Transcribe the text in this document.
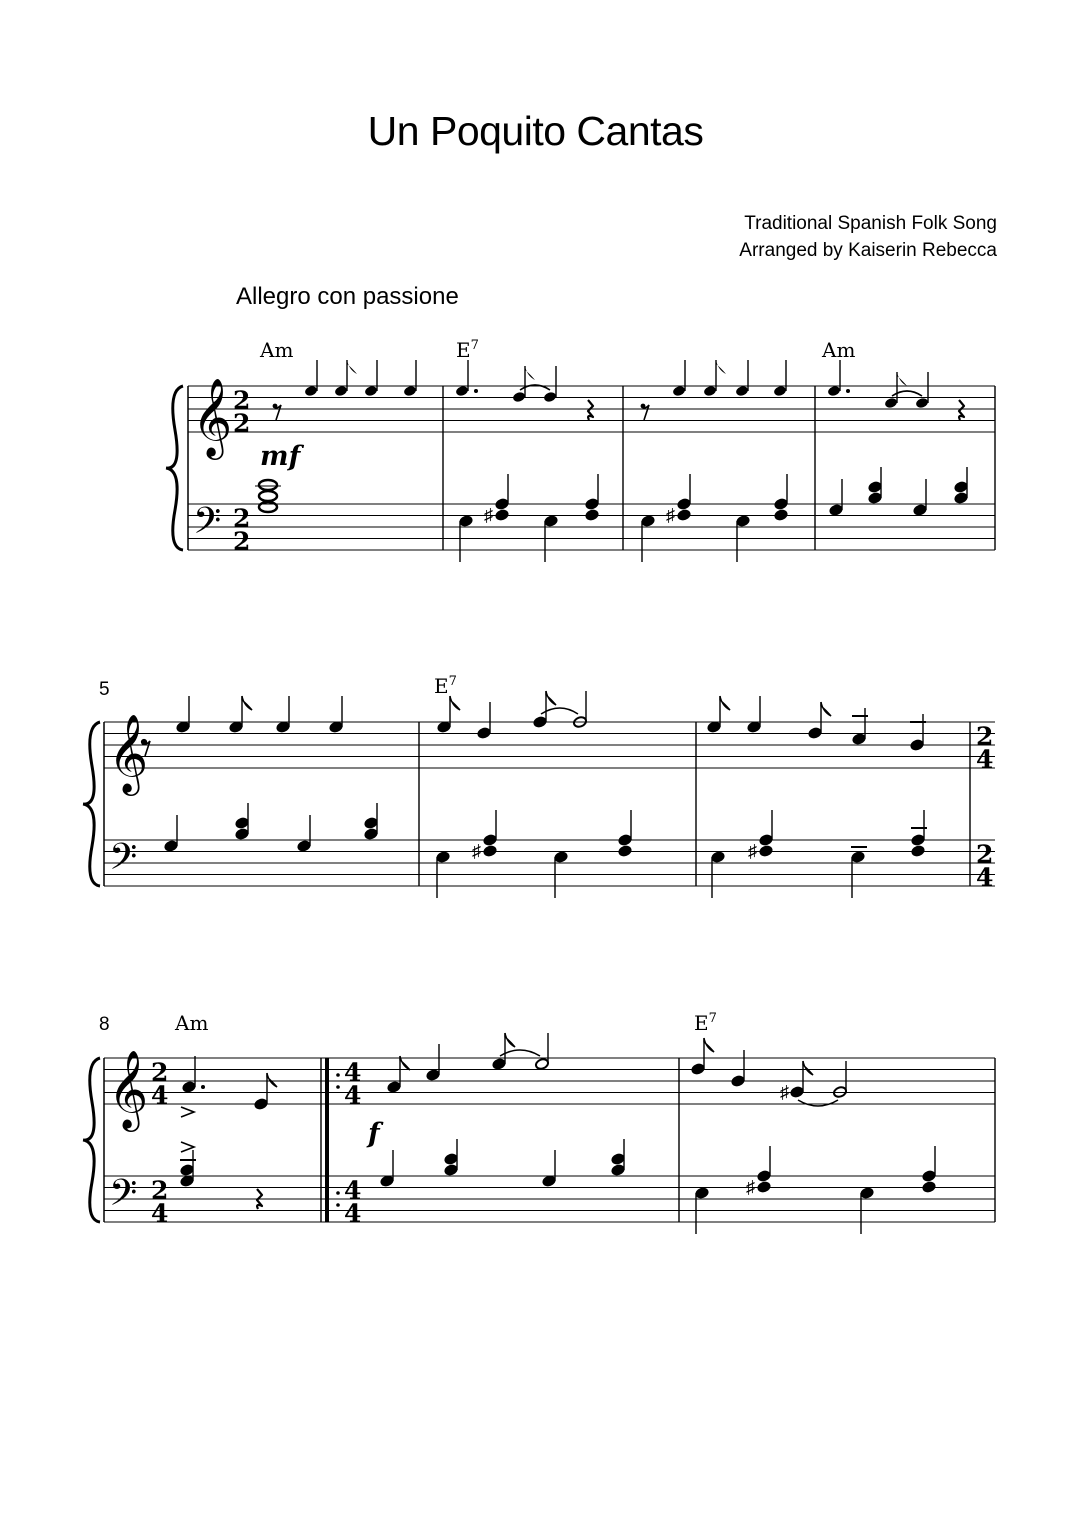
Un Poquito Cantas
Traditional Spanish Folk Song
Arranged by Kaiserin Rebecca
Allegro con passione
𝄞
𝄢
2
2
2
2
Am	$E^7$	Am
mf
♯	♯
5
𝄞
𝄢
2
4
2
4
$E^7$
♯	♯
8
𝄞
𝄢
2
4
2
4
4
4
4
4
Am	$E^7$
f
♯
♯
